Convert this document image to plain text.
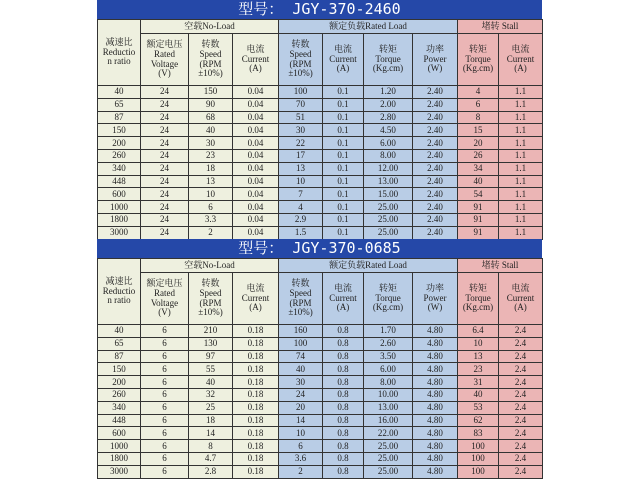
型号： JGY-370-2460
减速比
Reductio
n ratio	空载No-Load			额定负载Rated Load				堵转 Stall	
	额定电压
Rated
Voltage
(V)	转数
Speed
(RPM
±10%)	电流
Current
(A)	转数
Speed
(RPM
±10%)	电流
Current
(A)	转矩
Torque
(Kg.cm)	功率
Power
(W)	转矩
Torque
(Kg.cm)	电流
Current
(A)
40	24	150	0.04	100	0.1	1.20	2.40	4	1.1
65	24	90	0.04	70	0.1	2.00	2.40	6	1.1
87	24	68	0.04	51	0.1	2.80	2.40	8	1.1
150	24	40	0.04	30	0.1	4.50	2.40	15	1.1
200	24	30	0.04	22	0.1	6.00	2.40	20	1.1
260	24	23	0.04	17	0.1	8.00	2.40	26	1.1
340	24	18	0.04	13	0.1	12.00	2.40	34	1.1
448	24	13	0.04	10	0.1	13.00	2.40	40	1.1
600	24	10	0.04	7	0.1	15.00	2.40	54	1.1
1000	24	6	0.04	4	0.1	25.00	2.40	91	1.1
1800	24	3.3	0.04	2.9	0.1	25.00	2.40	91	1.1
3000	24	2	0.04	1.5	0.1	25.00	2.40	91	1.1
型号： JGY-370-0685
减速比
Reductio
n ratio	空载No-Load			额定负载Rated Load				堵转 Stall	
	额定电压
Rated
Voltage
(V)	转数
Speed
(RPM
±10%)	电流
Current
(A)	转数
Speed
(RPM
±10%)	电流
Current
(A)	转矩
Torque
(Kg.cm)	功率
Power
(W)	转矩
Torque
(Kg.cm)	电流
Current
(A)
40	6	210	0.18	160	0.8	1.70	4.80	6.4	2.4
65	6	130	0.18	100	0.8	2.60	4.80	10	2.4
87	6	97	0.18	74	0.8	3.50	4.80	13	2.4
150	6	55	0.18	40	0.8	6.00	4.80	23	2.4
200	6	40	0.18	30	0.8	8.00	4.80	31	2.4
260	6	32	0.18	24	0.8	10.00	4.80	40	2.4
340	6	25	0.18	20	0.8	13.00	4.80	53	2.4
448	6	18	0.18	14	0.8	16.00	4.80	62	2.4
600	6	14	0.18	10	0.8	22.00	4.80	83	2.4
1000	6	8	0.18	6	0.8	25.00	4.80	100	2.4
1800	6	4.7	0.18	3.6	0.8	25.00	4.80	100	2.4
3000	6	2.8	0.18	2	0.8	25.00	4.80	100	2.4
